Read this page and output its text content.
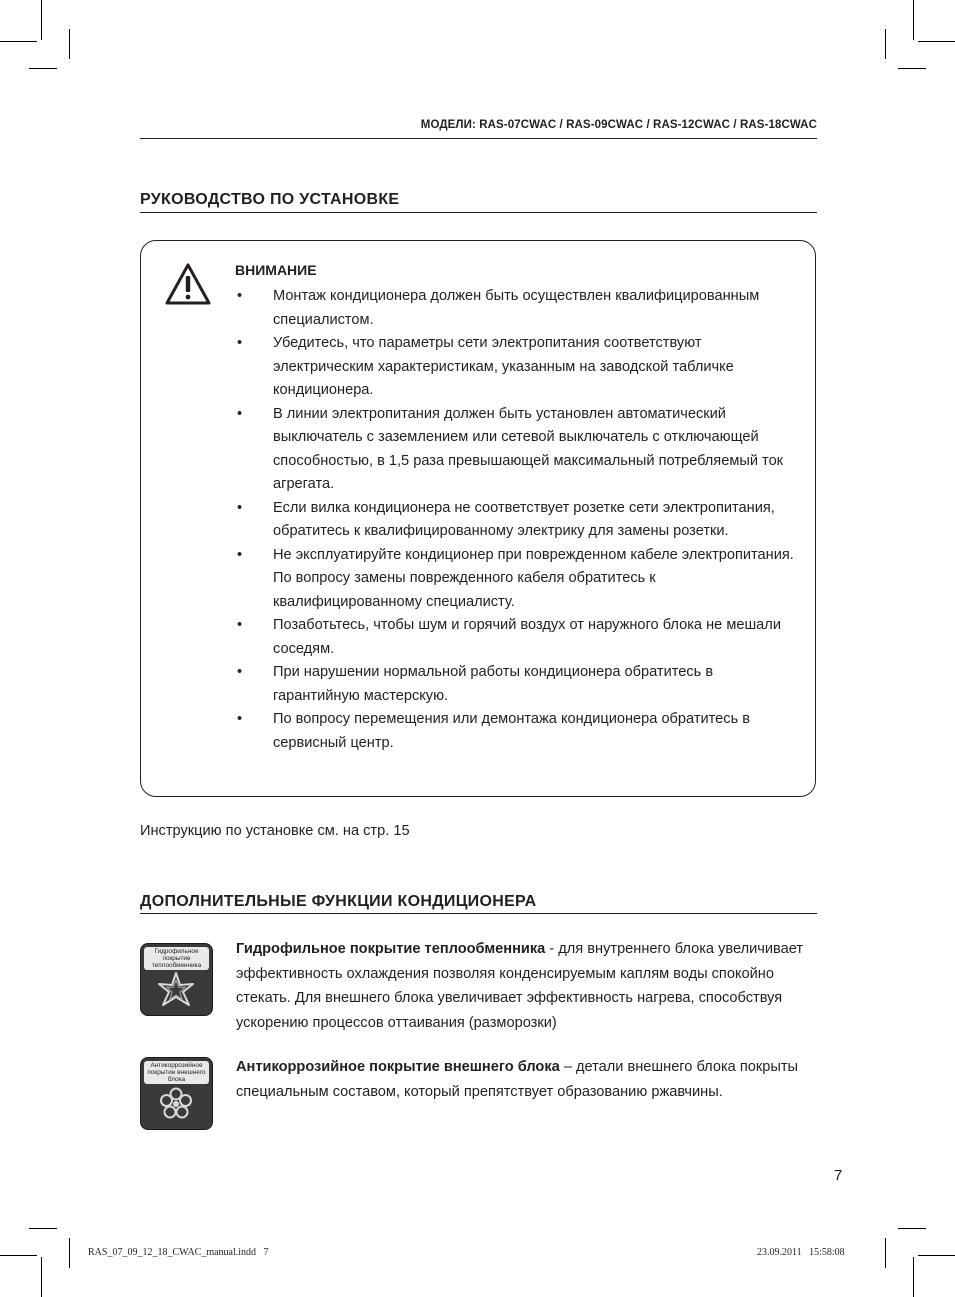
МОДЕЛИ: RAS-07CWAC / RAS-09CWAC / RAS-12CWAC / RAS-18CWAC
РУКОВОДСТВО ПО УСТАНОВКЕ
ВНИМАНИЕ
• Монтаж кондиционера должен быть осуществлен квалифицированным специалистом.
• Убедитесь, что параметры сети электропитания соответствуют электрическим характеристикам, указанным на заводской табличке кондиционера.
• В линии электропитания должен быть установлен автоматический выключатель с заземлением или сетевой выключатель с отключающей способностью, в 1,5 раза превышающей максимальный потребляемый ток агрегата.
• Если вилка кондиционера не соответствует розетке сети электропитания, обратитесь к квалифицированному электрику для замены розетки.
• Не эксплуатируйте кондиционер при поврежденном кабеле электропитания. По вопросу замены поврежденного кабеля обратитесь к квалифицированному специалисту.
• Позаботьтесь, чтобы шум и горячий воздух от наружного блока не мешали соседям.
• При нарушении нормальной работы кондиционера обратитесь в гарантийную мастерскую.
• По вопросу перемещения или демонтажа кондиционера обратитесь в сервисный центр.
Инструкцию по установке см. на стр. 15
ДОПОЛНИТЕЛЬНЫЕ ФУНКЦИИ КОНДИЦИОНЕРА
Гидрофильное покрытие теплообменника
Гидрофильное покрытие теплообменника - для внутреннего блока увеличивает эффективность охлаждения позволяя конденсируемым каплям воды спокойно стекать. Для внешнего блока увеличивает эффективность нагрева, способствуя ускорению процессов оттаивания (разморозки)
Антикоррозийное покрытие внешнего блока
Антикоррозийное покрытие внешнего блока – детали внешнего блока покрыты специальным составом, который препятствует образованию ржавчины.
7
RAS_07_09_12_18_CWAC_manual.indd   7	23.09.2011   15:58:08
